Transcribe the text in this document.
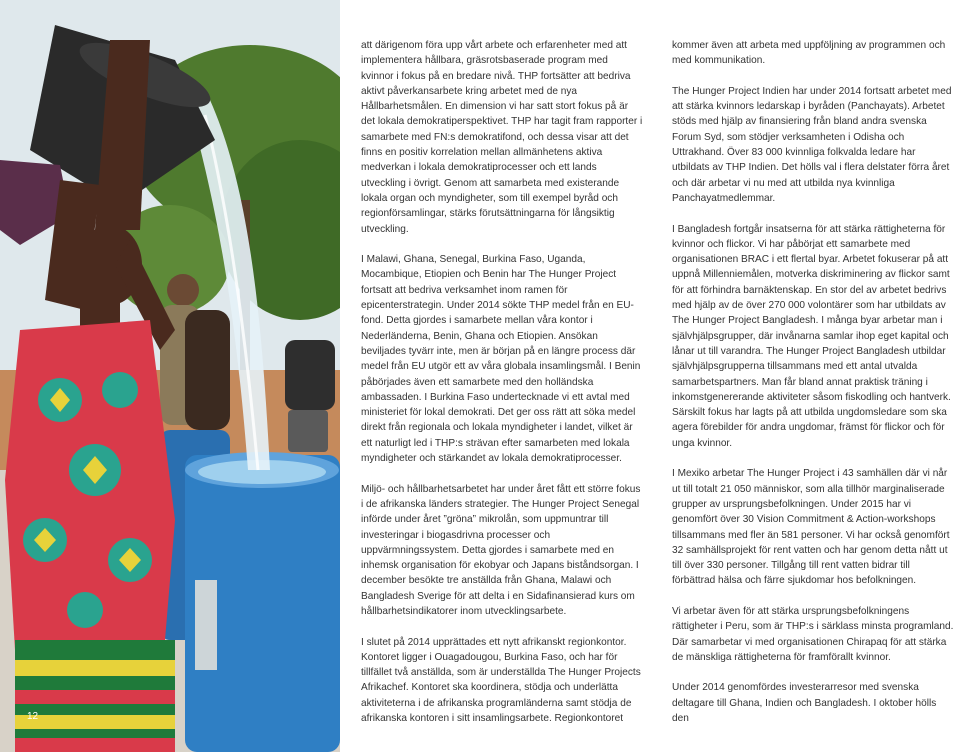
12

att därigenom föra upp vårt arbete och erfarenheter med att implementera hållbara, gräsrotsbaserade program med kvinnor i fokus på en bredare nivå. THP fortsätter att bedriva aktivt påverkansarbete kring arbetet med de nya Hållbarhetsmålen. En dimension vi har satt stort fokus på är det lokala demokratiperspektivet. THP har tagit fram rapporter i samarbete med FN:s demokratifond, och dessa visar att det finns en positiv korrelation mellan allmänhetens aktiva medverkan i lokala demokratiprocesser och ett lands utveckling i övrigt. Genom att samarbeta med existerande lokala organ och myndigheter, som till exempel byråd och regionförsamlingar, stärks förutsättningarna för långsiktig utveckling.

I Malawi, Ghana, Senegal, Burkina Faso, Uganda, Mocambique, Etiopien och Benin har The Hunger Project fortsatt att bedriva verksamhet inom ramen för epicenterstrategin. Under 2014 sökte THP medel från en EU-fond. Detta gjordes i samarbete mellan våra kontor i Nederländerna, Benin, Ghana och Etiopien. Ansökan beviljades tyvärr inte, men är början på en längre process där medel från EU utgör ett av våra globala insamlingsmål. I Benin påbörjades även ett samarbete med den holländska ambassaden. I Burkina Faso undertecknade vi ett avtal med ministeriet för lokal demokrati. Det ger oss rätt att söka medel direkt från regionala och lokala myndigheter i landet, vilket är ett naturligt led i THP:s strävan efter samarbeten med lokala myndigheter och stärkandet av lokala demokratiprocesser.

Miljö- och hållbarhetsarbetet har under året fått ett större fokus i de afrikanska länders strategier. The Hunger Project Senegal införde under året ”gröna” mikrolån, som uppmuntrar till investeringar i biogasdrivna processer och uppvärmningssystem. Detta gjordes i samarbete med en inhemsk organisation för ekobyar och Japans biståndsorgan. I december besökte tre anställda från Ghana, Malawi och Bangladesh Sverige för att delta i en Sidafinansierad kurs om hållbarhetsindikatorer inom utvecklingsarbete.

I slutet på 2014 upprättades ett nytt afrikanskt regionkontor. Kontoret ligger i Ouagadougou, Burkina Faso, och har för tillfället två anställda, som är underställda The Hunger Projects Afrikachef. Kontoret ska koordinera, stödja och underlätta aktiviteterna i de afrikanska programländerna samt stödja de afrikanska kontoren i sitt insamlingsarbete. Regionkontoret

kommer även att arbeta med uppföljning av programmen och med kommunikation.

The Hunger Project Indien har under 2014 fortsatt arbetet med att stärka kvinnors ledarskap i byråden (Panchayats). Arbetet stöds med hjälp av finansiering från bland andra svenska Forum Syd, som stödjer verksamheten i Odisha och Uttrakhand. Över 83 000 kvinnliga folkvalda ledare har utbildats av THP Indien. Det hölls val i flera delstater förra året och där arbetar vi nu med att utbilda nya kvinnliga Panchayatmedlemmar.

I Bangladesh fortgår insatserna för att stärka rättigheterna för kvinnor och flickor. Vi har påbörjat ett samarbete med organisationen BRAC i ett flertal byar. Arbetet fokuserar på att uppnå Millenniemålen, motverka diskriminering av flickor samt för att förhindra barnäktenskap. En stor del av arbetet bedrivs med hjälp av de över 270 000 volontärer som har utbildats av The Hunger Project Bangladesh. I många byar arbetar man i självhjälpsgrupper, där invånarna samlar ihop eget kapital och lånar ut till varandra. The Hunger Project Bangladesh utbildar självhjälpsgrupperna tillsammans med ett antal utvalda samarbetspartners. Man får bland annat praktisk träning i inkomstgenererande aktiviteter såsom fiskodling och hantverk. Särskilt fokus har lagts på att utbilda ungdomsledare som ska agera förebilder för andra ungdomar, främst för flickor och för unga kvinnor.

I Mexiko arbetar The Hunger Project i 43 samhällen där vi når ut till totalt 21 050 människor, som alla tillhör marginaliserade grupper av ursprungsbefolkningen. Under 2015 har vi genomfört över 30 Vision Commitment & Action-workshops tillsammans med fler än 581 personer. Vi har också genomfört 32 samhällsprojekt för rent vatten och har genom detta nått ut till över 330 personer. Tillgång till rent vatten bidrar till förbättrad hälsa och färre sjukdomar hos befolkningen.

Vi arbetar även för att stärka ursprungsbefolkningens rättigheter i Peru, som är THP:s i särklass minsta programland. Där samarbetar vi med organisationen Chirapaq för att stärka de mänskliga rättigheterna för framförallt kvinnor.

Under 2014 genomfördes investerarresor med svenska deltagare till Ghana, Indien och Bangladesh. I oktober hölls den
